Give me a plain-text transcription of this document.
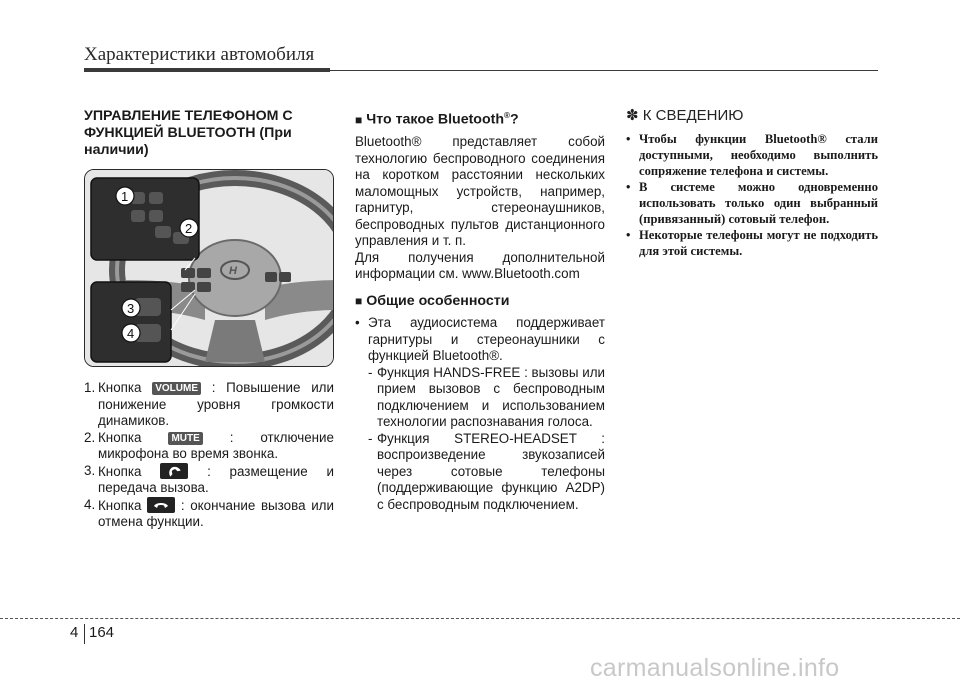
Характеристики автомобиля
УПРАВЛЕНИЕ ТЕЛЕФОНОМ С ФУНКЦИЕЙ BLUETOOTH (При наличии)
H
1
2
3
4
1. Кнопка VOLUME : Повышение или понижение уровня громкости динамиков.
2. Кнопка	MUTE : отключение микрофона во время звонка.
3. Кнопка	: размещение и передача вызова.
4. Кнопка	: окончание вызова или отмена функции.
■ Что такое Bluetooth®?

Bluetooth® представляет собой технологию беспроводного соединения на коротком расстоянии нескольких маломощных устройств, например, гарнитур, стереонаушников, беспроводных пультов дистанционного управления и т. п.

Для получения дополнительной информации см. www.Bluetooth.com

■ Общие особенности
• Эта аудиосистема поддерживает гарнитуры и стереонаушники с функцией Bluetooth®.
- Функция HANDS-FREE : вызовы или прием вызовов с беспроводным подключением и использованием технологии распознавания голоса.
- Функция STEREO-HEADSET : воспроизведение звукозаписей через сотовые телефоны (поддерживающие функцию A2DP) с беспроводным подключением.
✽ К СВЕДЕНИЮ
• Чтобы функции Bluetooth® стали доступными, необходимо выполнить сопряжение телефона и системы.
• В системе можно одновременно использовать только один выбранный (привязанный) сотовый телефон.
• Некоторые телефоны могут не подходить для этой системы.
4 164
carmanualsonline.info
